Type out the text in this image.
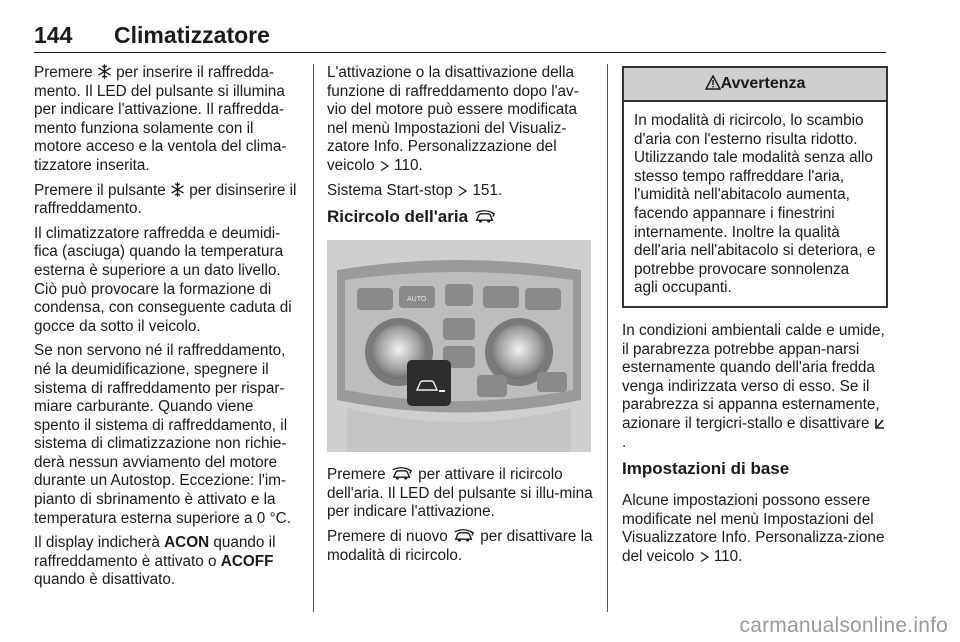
144 Climatizzatore

Premere
per inserire il raffredda-mento. Il LED del pulsante si illumina per indicare l'attivazione. Il raffredda-mento funziona solamente con il motore acceso e la ventola del clima-tizzatore inserita.

Premere il pulsante
per disinserire il raffreddamento.

Il climatizzatore raffredda e deumidi-fica (asciuga) quando la temperatura esterna è superiore a un dato livello. Ciò può provocare la formazione di condensa, con conseguente caduta di gocce da sotto il veicolo.

Se non servono né il raffreddamento, né la deumidificazione, spegnere il sistema di raffreddamento per rispar-miare carburante. Quando viene spento il sistema di raffreddamento, il sistema di climatizzazione non richie-derà nessun avviamento del motore durante un Autostop. Eccezione: l'im-pianto di sbrinamento è attivato e la temperatura esterna superiore a 0 °C.

Il display indicherà ACON quando il raffreddamento è attivato o ACOFF quando è disattivato.

L'attivazione o la disattivazione della funzione di raffreddamento dopo l'av-vio del motore può essere modificata nel menù Impostazioni del Visualiz-zatore Info. Personalizzazione del veicolo
110.

Sistema Start-stop
151.

Ricircolo dell'aria
AUTO

Premere
per attivare il ricircolo dell'aria. Il LED del pulsante si illu-mina per indicare l'attivazione.

Premere di nuovo
per disattivare la modalità di ricircolo.

Avvertenza
In modalità di ricircolo, lo scambio d'aria con l'esterno risulta ridotto. Utilizzando tale modalità senza allo stesso tempo raffreddare l'aria, l'umidità nell'abitacolo aumenta, facendo appannare i finestrini internamente. Inoltre la qualità dell'aria nell'abitacolo si deteriora, e potrebbe provocare sonnolenza agli occupanti.

In condizioni ambientali calde e umide, il parabrezza potrebbe appan-narsi esternamente quando dell'aria fredda venga indirizzata verso di esso. Se il parabrezza si appanna esternamente, azionare il tergicri-stallo e disattivare
.

Impostazioni di base

Alcune impostazioni possono essere modificate nel menù Impostazioni del Visualizzatore Info. Personalizza-zione del veicolo
110.

carmanualsonline.info
